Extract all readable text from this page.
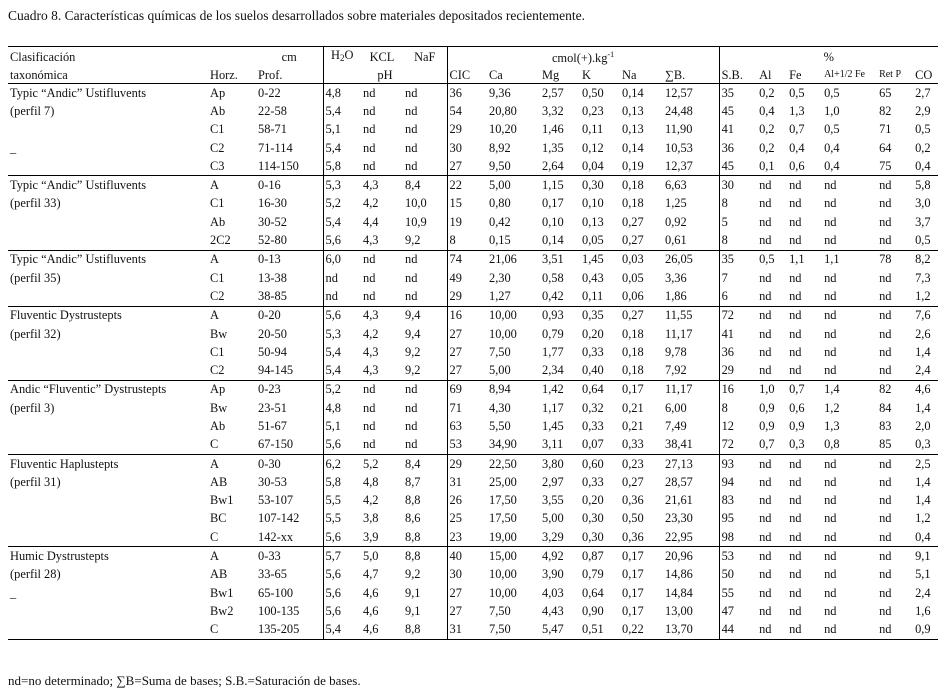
Cuadro 8. Características químicas de los suelos desarrollados sobre materiales depositados recientemente.
Clasificación		cm	$H_2O$	KCL	NaF	$cmol(+).kg^{-1}$						%					
taxonómica	Horz.	Prof.	pH			CIC	Ca	Mg	K	Na	∑B.	S.B.	Al	Fe	Al+1/2 Fe	Ret P	CO
Typic “Andic” Ustifluvents	Ap	0-22	4,8	nd	nd	36	9,36	2,57	0,50	0,14	12,57	35	0,2	0,5	0,5	65	2,7
(perfil 7)	Ab	22-58	5,4	nd	nd	54	20,80	3,32	0,23	0,13	24,48	45	0,4	1,3	1,0	82	2,9
	C1	58-71	5,1	nd	nd	29	10,20	1,46	0,11	0,13	11,90	41	0,2	0,7	0,5	71	0,5
_	C2	71-114	5,4	nd	nd	30	8,92	1,35	0,12	0,14	10,53	36	0,2	0,4	0,4	64	0,2
	C3	114-150	5,8	nd	nd	27	9,50	2,64	0,04	0,19	12,37	45	0,1	0,6	0,4	75	0,4
Typic “Andic” Ustifluvents	A	0-16	5,3	4,3	8,4	22	5,00	1,15	0,30	0,18	6,63	30	nd	nd	nd	nd	5,8
(perfil 33)	C1	16-30	5,2	4,2	10,0	15	0,80	0,17	0,10	0,18	1,25	8	nd	nd	nd	nd	3,0
	Ab	30-52	5,4	4,4	10,9	19	0,42	0,10	0,13	0,27	0,92	5	nd	nd	nd	nd	3,7
	2C2	52-80	5,6	4,3	9,2	8	0,15	0,14	0,05	0,27	0,61	8	nd	nd	nd	nd	0,5
Typic “Andic” Ustifluvents	A	0-13	6,0	nd	nd	74	21,06	3,51	1,45	0,03	26,05	35	0,5	1,1	1,1	78	8,2
(perfil 35)	C1	13-38	nd	nd	nd	49	2,30	0,58	0,43	0,05	3,36	7	nd	nd	nd	nd	7,3
	C2	38-85	nd	nd	nd	29	1,27	0,42	0,11	0,06	1,86	6	nd	nd	nd	nd	1,2
Fluventic Dystrustepts	A	0-20	5,6	4,3	9,4	16	10,00	0,93	0,35	0,27	11,55	72	nd	nd	nd	nd	7,6
(perfil 32)	Bw	20-50	5,3	4,2	9,4	27	10,00	0,79	0,20	0,18	11,17	41	nd	nd	nd	nd	2,6
	C1	50-94	5,4	4,3	9,2	27	7,50	1,77	0,33	0,18	9,78	36	nd	nd	nd	nd	1,4
	C2	94-145	5,4	4,3	9,2	27	5,00	2,34	0,40	0,18	7,92	29	nd	nd	nd	nd	2,4
Andic “Fluventic” Dystrustepts	Ap	0-23	5,2	nd	nd	69	8,94	1,42	0,64	0,17	11,17	16	1,0	0,7	1,4	82	4,6
(perfil 3)	Bw	23-51	4,8	nd	nd	71	4,30	1,17	0,32	0,21	6,00	8	0,9	0,6	1,2	84	1,4
	Ab	51-67	5,1	nd	nd	63	5,50	1,45	0,33	0,21	7,49	12	0,9	0,9	1,3	83	2,0
	C	67-150	5,6	nd	nd	53	34,90	3,11	0,07	0,33	38,41	72	0,7	0,3	0,8	85	0,3
Fluventic Haplustepts	A	0-30	6,2	5,2	8,4	29	22,50	3,80	0,60	0,23	27,13	93	nd	nd	nd	nd	2,5
(perfil 31)	AB	30-53	5,8	4,8	8,7	31	25,00	2,97	0,33	0,27	28,57	94	nd	nd	nd	nd	1,4
	Bw1	53-107	5,5	4,2	8,8	26	17,50	3,55	0,20	0,36	21,61	83	nd	nd	nd	nd	1,4
	BC	107-142	5,5	3,8	8,6	25	17,50	5,00	0,30	0,50	23,30	95	nd	nd	nd	nd	1,2
	C	142-xx	5,6	3,9	8,8	23	19,00	3,29	0,30	0,36	22,95	98	nd	nd	nd	nd	0,4
Humic Dystrustepts	A	0-33	5,7	5,0	8,8	40	15,00	4,92	0,87	0,17	20,96	53	nd	nd	nd	nd	9,1
(perfil 28)	AB	33-65	5,6	4,7	9,2	30	10,00	3,90	0,79	0,17	14,86	50	nd	nd	nd	nd	5,1
_	Bw1	65-100	5,6	4,6	9,1	27	10,00	4,03	0,64	0,17	14,84	55	nd	nd	nd	nd	2,4
	Bw2	100-135	5,6	4,6	9,1	27	7,50	4,43	0,90	0,17	13,00	47	nd	nd	nd	nd	1,6
	C	135-205	5,4	4,6	8,8	31	7,50	5,47	0,51	0,22	13,70	44	nd	nd	nd	nd	0,9
nd=no determinado; ∑B=Suma de bases; S.B.=Saturación de bases.
